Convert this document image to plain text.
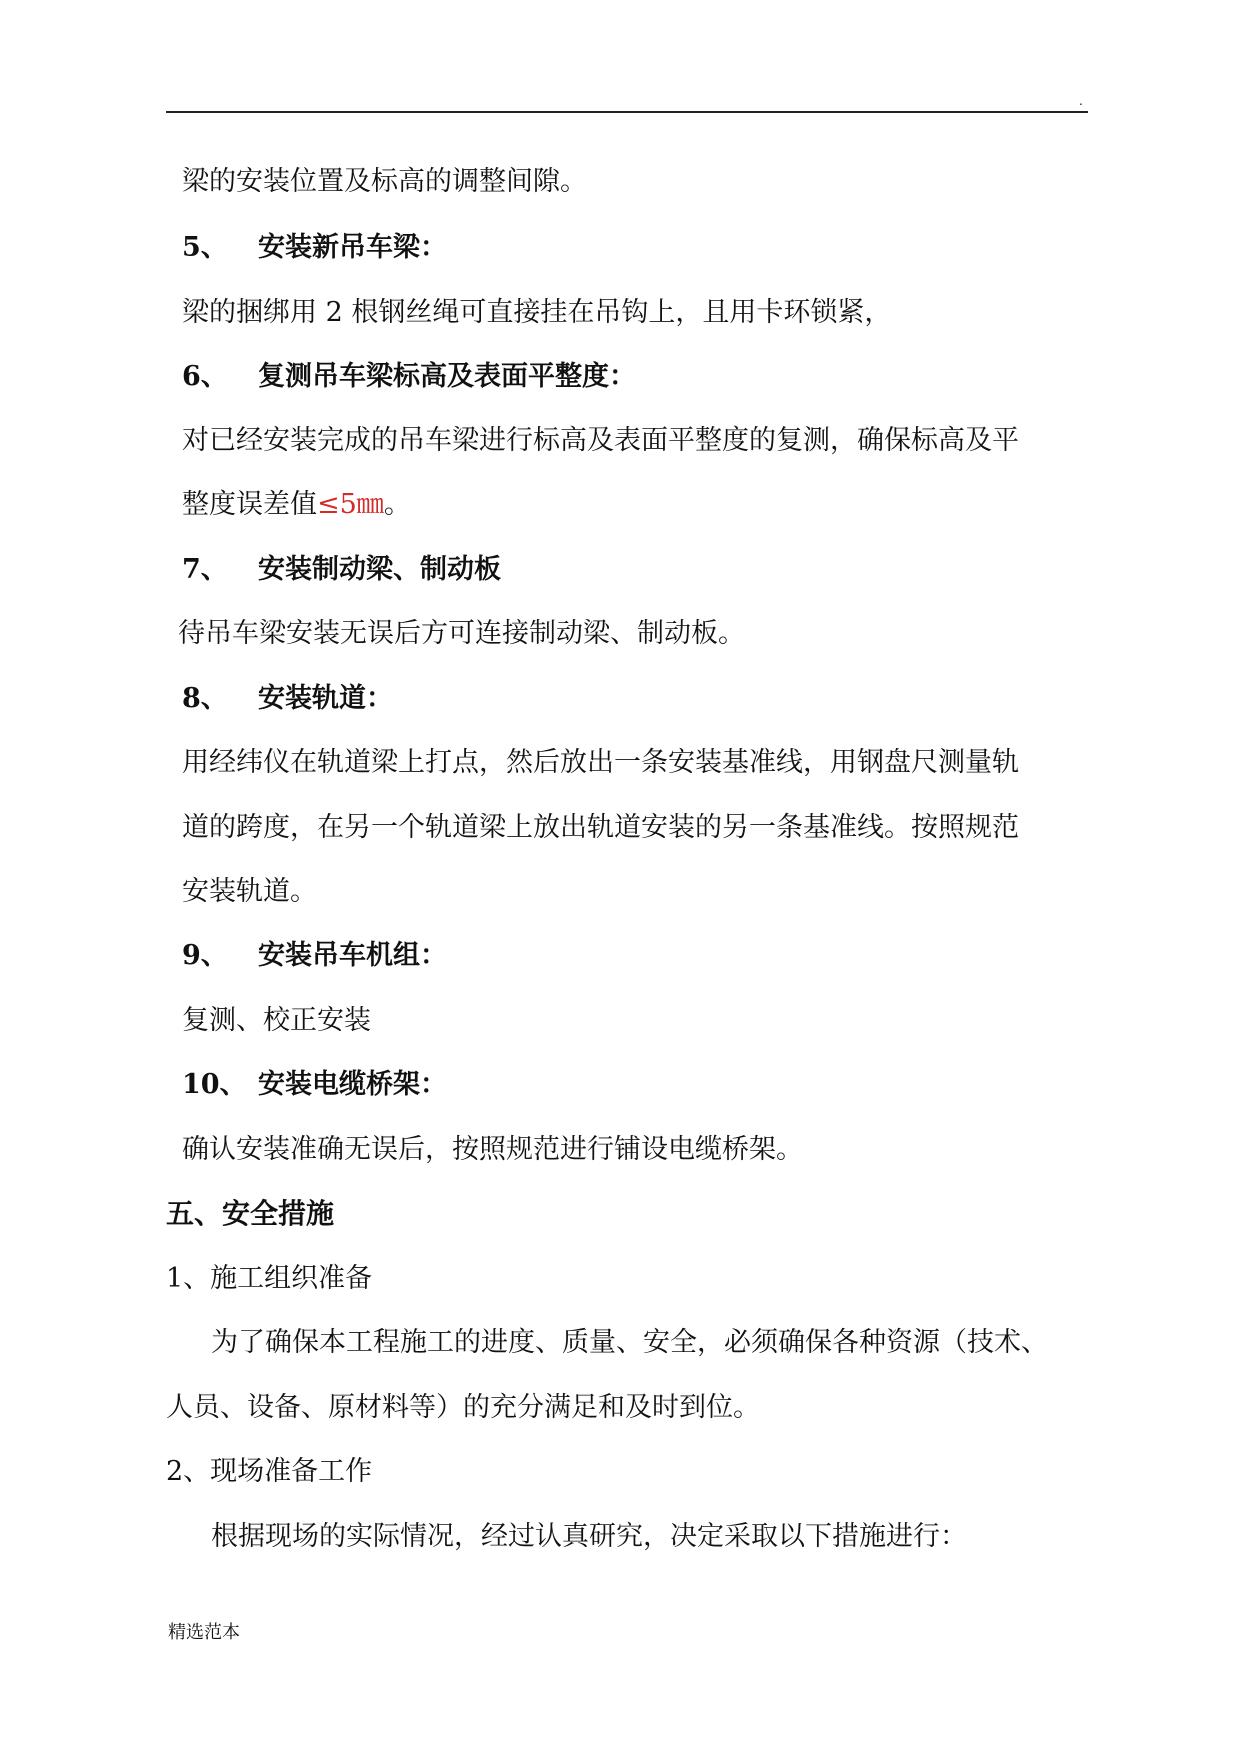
.
梁的安装位置及标高的调整间隙。
5、 安装新吊车梁：
梁的捆绑用 2 根钢丝绳可直接挂在吊钩上，且用卡环锁紧，
6、 复测吊车梁标高及表面平整度：
对已经安装完成的吊车梁进行标高及表面平整度的复测，确保标高及平
整度误差值≤5㎜。
7、 安装制动梁、制动板
待吊车梁安装无误后方可连接制动梁、制动板。
8、 安装轨道：
用经纬仪在轨道梁上打点，然后放出一条安装基准线，用钢盘尺测量轨
道的跨度，在另一个轨道梁上放出轨道安装的另一条基准线。按照规范
安装轨道。
9、 安装吊车机组：
复测、校正安装
10、 安装电缆桥架：
确认安装准确无误后，按照规范进行铺设电缆桥架。
五、安全措施
1、施工组织准备
为了确保本工程施工的进度、质量、安全，必须确保各种资源（技术、
人员、设备、原材料等）的充分满足和及时到位。
2、现场准备工作
根据现场的实际情况，经过认真研究，决定采取以下措施进行：
精选范本
